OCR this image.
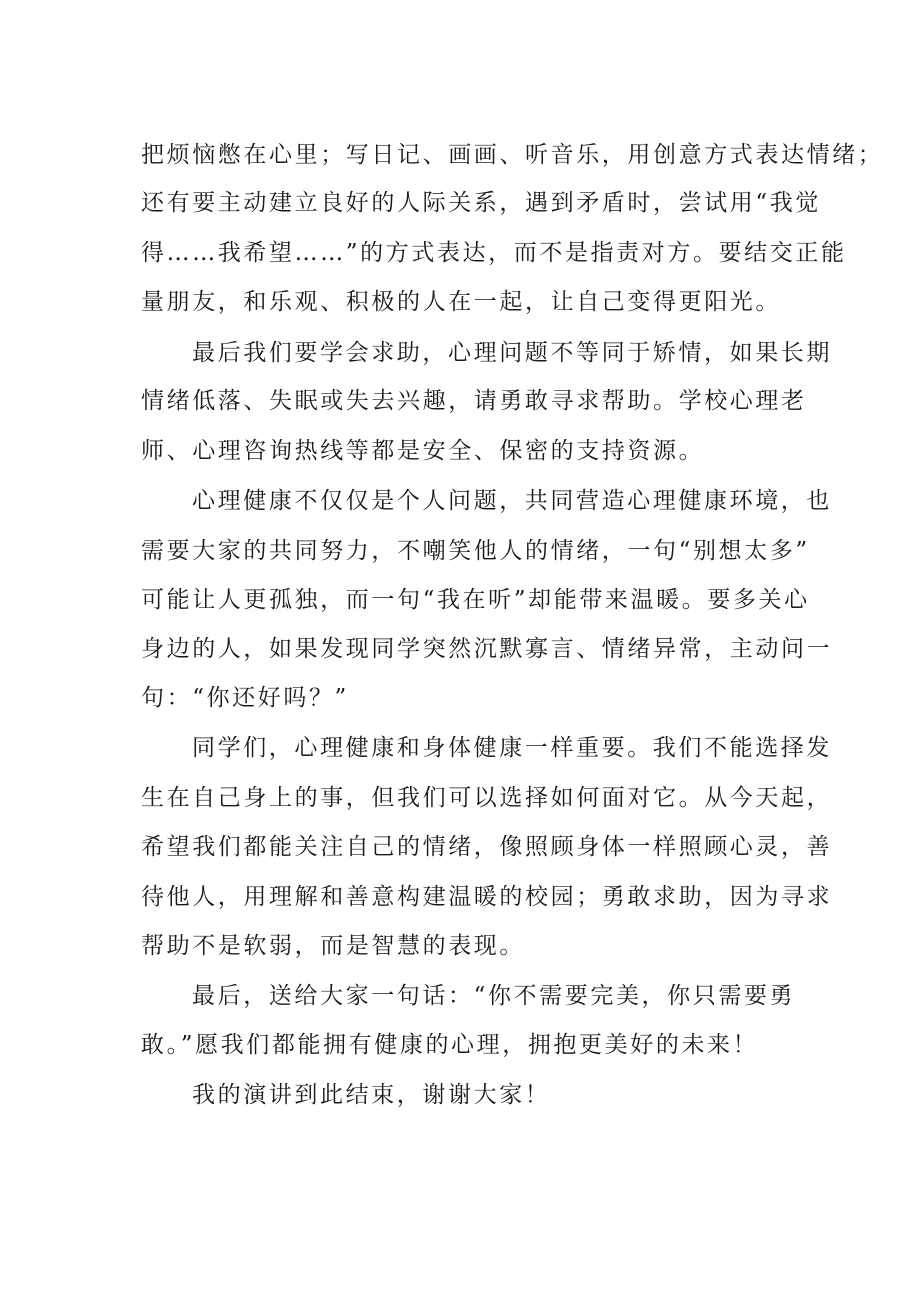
把烦恼憋在心里；写日记、画画、听音乐，用创意方式表达情绪；
还有要主动建立良好的人际关系，遇到矛盾时，尝试用“我觉
得……我希望……”的方式表达，而不是指责对方。要结交正能
量朋友，和乐观、积极的人在一起，让自己变得更阳光。
最后我们要学会求助，心理问题不等同于矫情，如果长期
情绪低落、失眠或失去兴趣，请勇敢寻求帮助。学校心理老
师、心理咨询热线等都是安全、保密的支持资源。
心理健康不仅仅是个人问题，共同营造心理健康环境，也
需要大家的共同努力，不嘲笑他人的情绪，一句“别想太多”
可能让人更孤独，而一句“我在听”却能带来温暖。要多关心
身边的人，如果发现同学突然沉默寡言、情绪异常，主动问一
句：“你还好吗？”
同学们，心理健康和身体健康一样重要。我们不能选择发
生在自己身上的事，但我们可以选择如何面对它。从今天起，
希望我们都能关注自己的情绪，像照顾身体一样照顾心灵，善
待他人，用理解和善意构建温暖的校园；勇敢求助，因为寻求
帮助不是软弱，而是智慧的表现。
最后，送给大家一句话：“你不需要完美，你只需要勇
敢。”愿我们都能拥有健康的心理，拥抱更美好的未来！
我的演讲到此结束，谢谢大家！
